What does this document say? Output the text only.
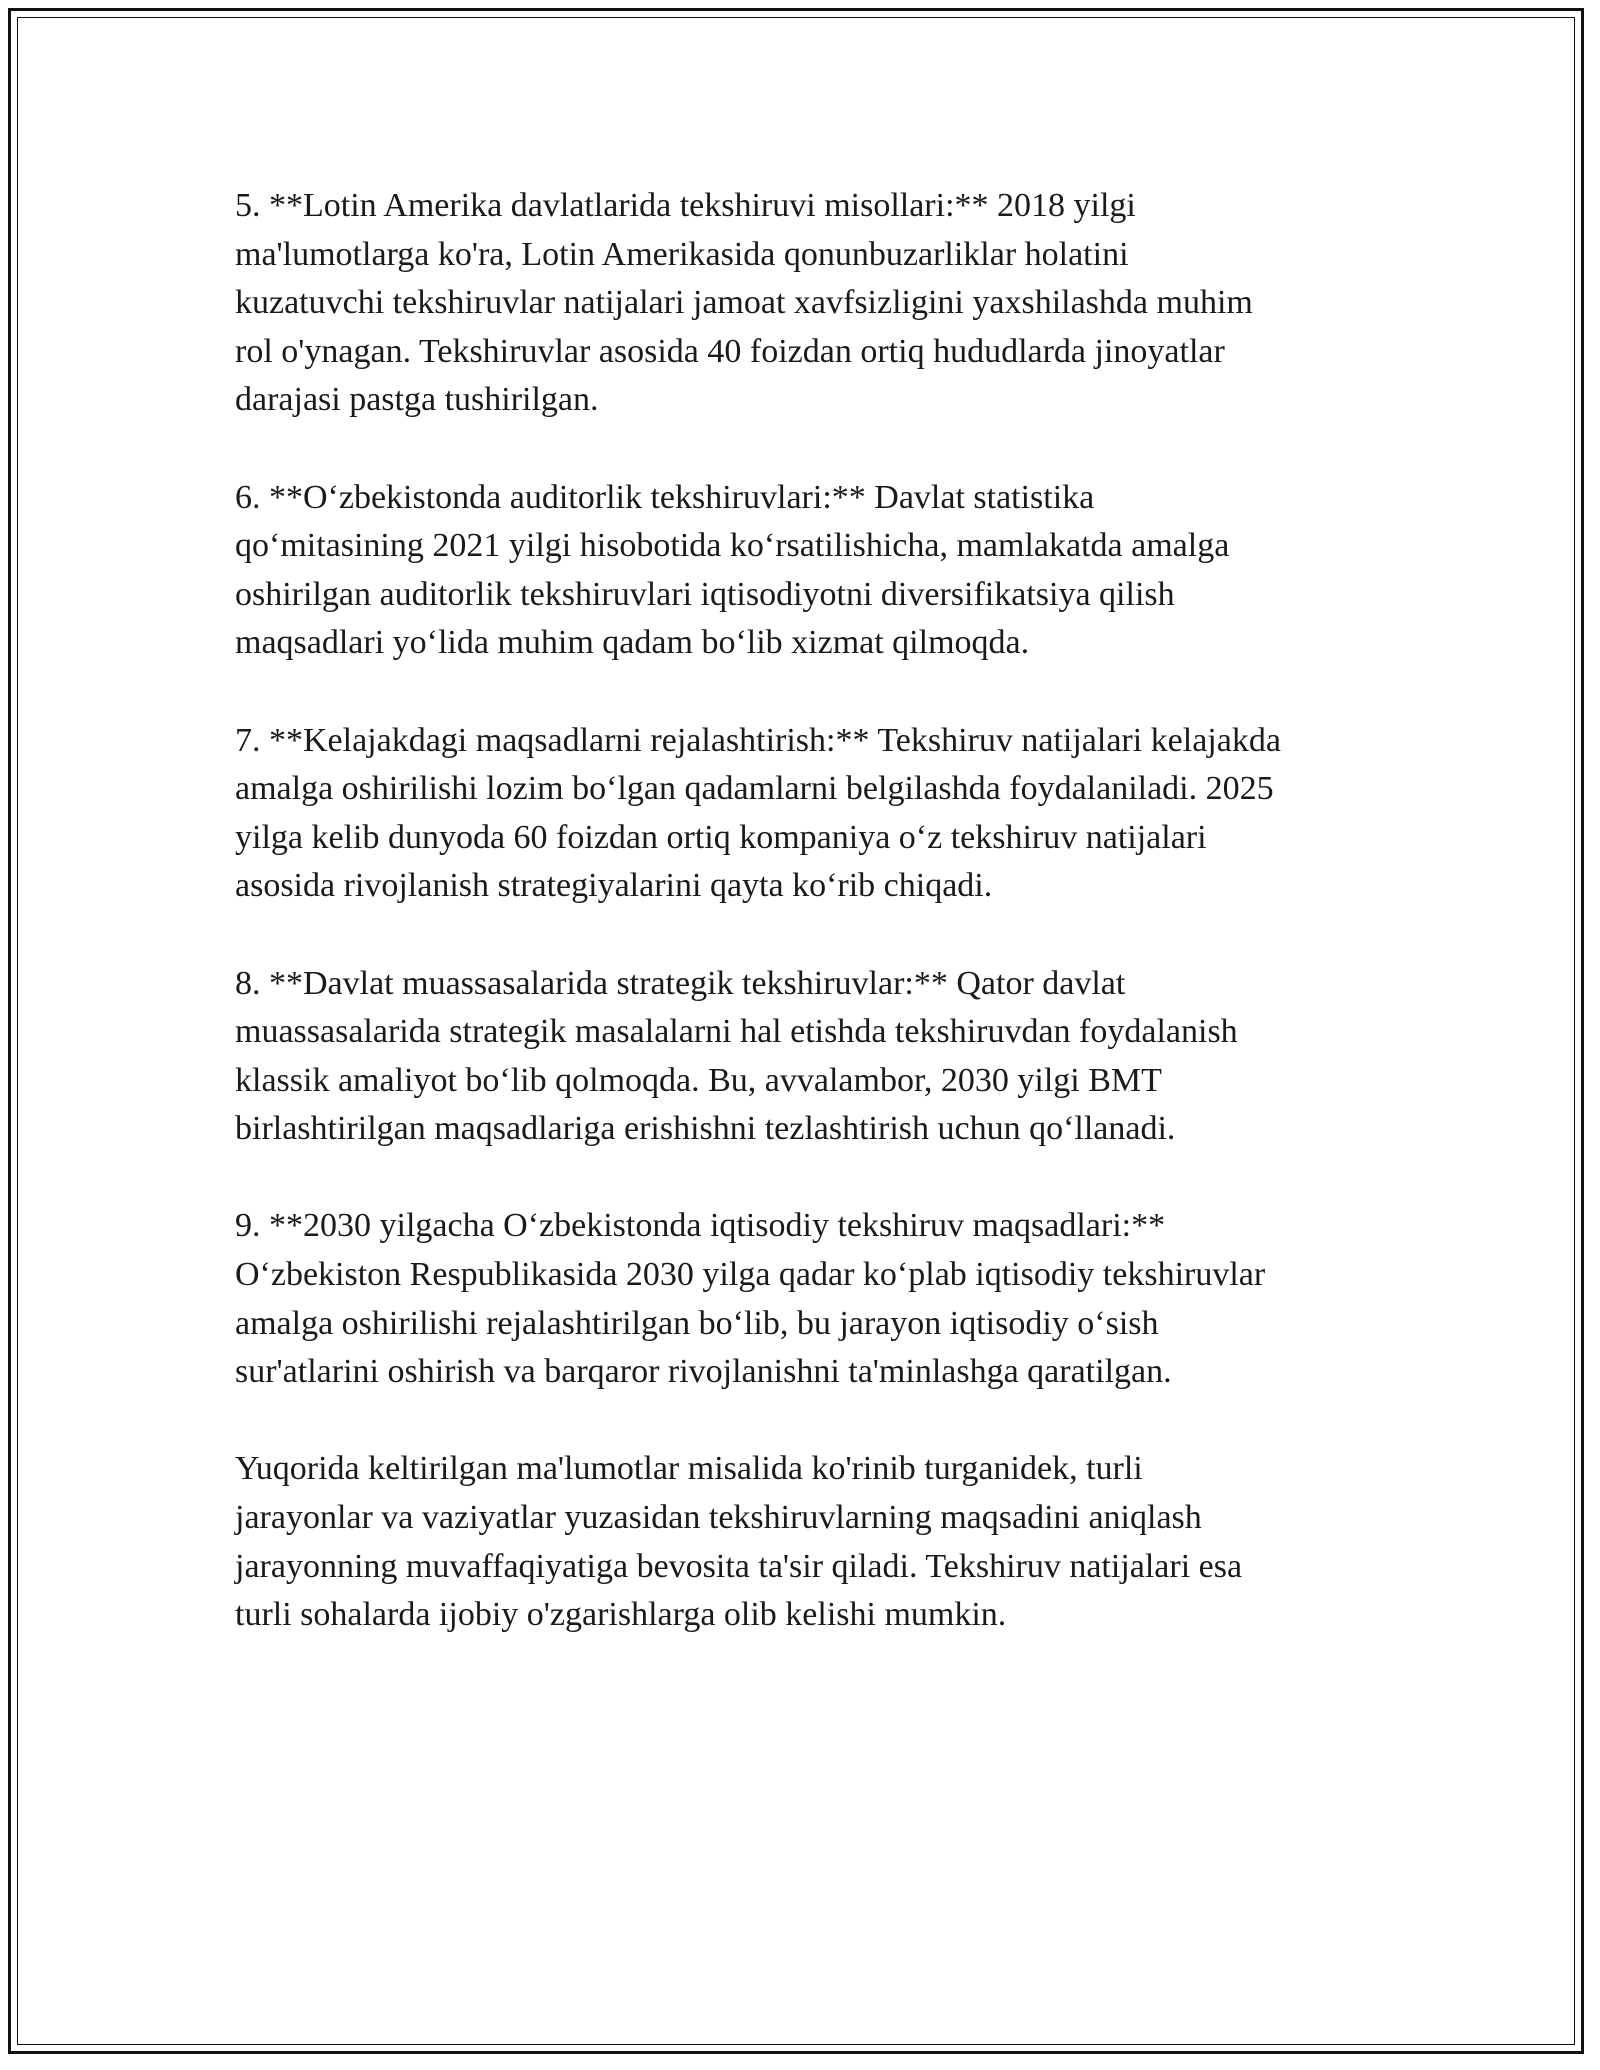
5. **Lotin Amerika davlatlarida tekshiruvi misollari:** 2018 yilgi
ma'lumotlarga ko'ra, Lotin Amerikasida qonunbuzarliklar holatini
kuzatuvchi tekshiruvlar natijalari jamoat xavfsizligini yaxshilashda muhim
rol o'ynagan. Tekshiruvlar asosida 40 foizdan ortiq hududlarda jinoyatlar
darajasi pastga tushirilgan.

6. **Oʻzbekistonda auditorlik tekshiruvlari:** Davlat statistika
qoʻmitasining 2021 yilgi hisobotida koʻrsatilishicha, mamlakatda amalga
oshirilgan auditorlik tekshiruvlari iqtisodiyotni diversifikatsiya qilish
maqsadlari yoʻlida muhim qadam boʻlib xizmat qilmoqda.

7. **Kelajakdagi maqsadlarni rejalashtirish:** Tekshiruv natijalari kelajakda
amalga oshirilishi lozim boʻlgan qadamlarni belgilashda foydalaniladi. 2025
yilga kelib dunyoda 60 foizdan ortiq kompaniya oʻz tekshiruv natijalari
asosida rivojlanish strategiyalarini qayta koʻrib chiqadi.

8. **Davlat muassasalarida strategik tekshiruvlar:** Qator davlat
muassasalarida strategik masalalarni hal etishda tekshiruvdan foydalanish
klassik amaliyot boʻlib qolmoqda. Bu, avvalambor, 2030 yilgi BMT
birlashtirilgan maqsadlariga erishishni tezlashtirish uchun qoʻllanadi.

9. **2030 yilgacha Oʻzbekistonda iqtisodiy tekshiruv maqsadlari:**
Oʻzbekiston Respublikasida 2030 yilga qadar koʻplab iqtisodiy tekshiruvlar
amalga oshirilishi rejalashtirilgan boʻlib, bu jarayon iqtisodiy oʻsish
sur'atlarini oshirish va barqaror rivojlanishni ta'minlashga qaratilgan.

Yuqorida keltirilgan ma'lumotlar misalida ko'rinib turganidek, turli
jarayonlar va vaziyatlar yuzasidan tekshiruvlarning maqsadini aniqlash
jarayonning muvaffaqiyatiga bevosita ta'sir qiladi. Tekshiruv natijalari esa
turli sohalarda ijobiy o'zgarishlarga olib kelishi mumkin.
